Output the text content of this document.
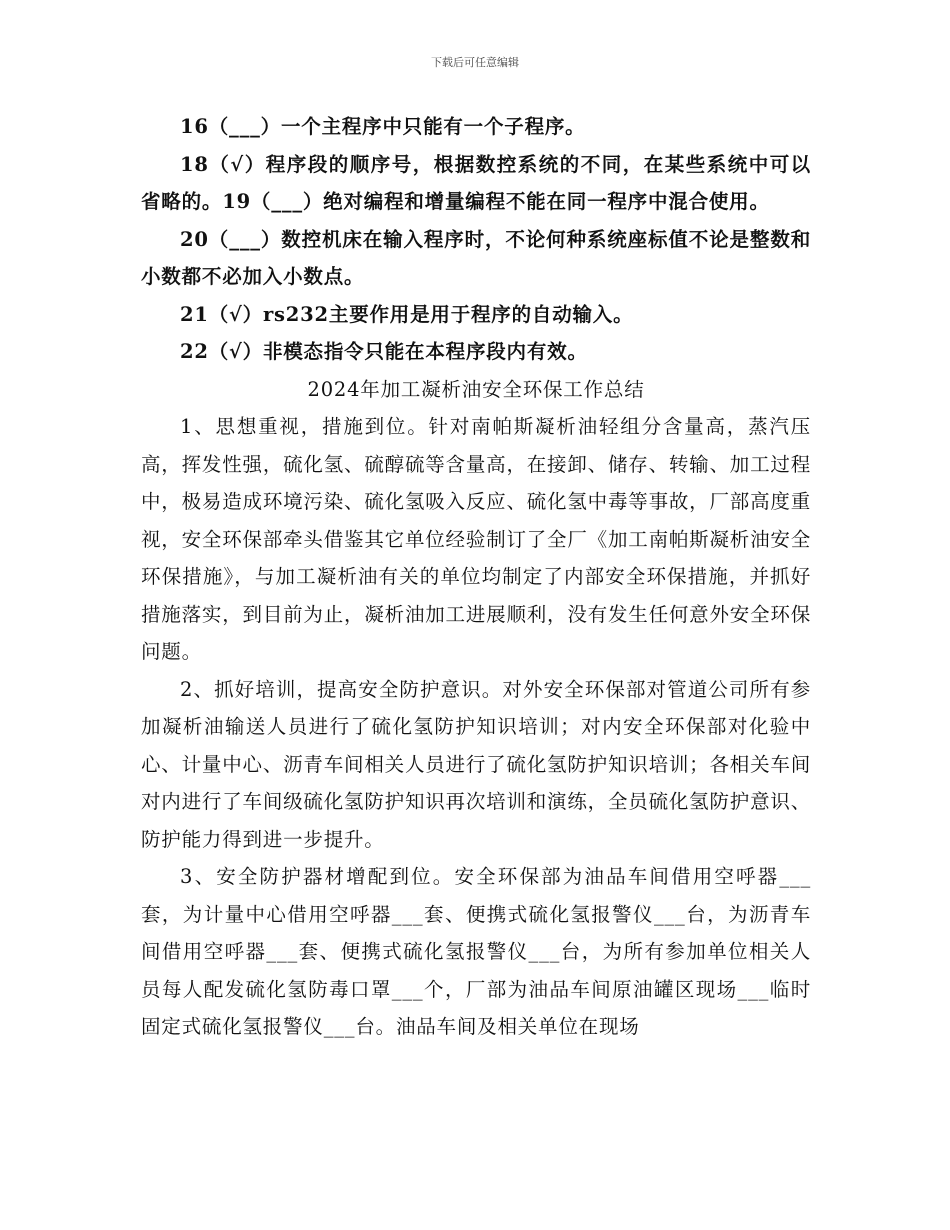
下载后可任意编辑

16（___）一个主程序中只能有一个子程序。

18（√）程序段的顺序号，根据数控系统的不同，在某些系统中可以省略的。19（___）绝对编程和增量编程不能在同一程序中混合使用。

20（___）数控机床在输入程序时，不论何种系统座标值不论是整数和小数都不必加入小数点。

21（√）rs232主要作用是用于程序的自动输入。

22（√）非模态指令只能在本程序段内有效。

2024年加工凝析油安全环保工作总结

1、思想重视，措施到位。针对南帕斯凝析油轻组分含量高，蒸汽压高，挥发性强，硫化氢、硫醇硫等含量高，在接卸、储存、转输、加工过程中，极易造成环境污染、硫化氢吸入反应、硫化氢中毒等事故，厂部高度重视，安全环保部牵头借鉴其它单位经验制订了全厂《加工南帕斯凝析油安全环保措施》，与加工凝析油有关的单位均制定了内部安全环保措施，并抓好措施落实，到目前为止，凝析油加工进展顺利，没有发生任何意外安全环保问题。

2、抓好培训，提高安全防护意识。对外安全环保部对管道公司所有参加凝析油输送人员进行了硫化氢防护知识培训；对内安全环保部对化验中心、计量中心、沥青车间相关人员进行了硫化氢防护知识培训；各相关车间对内进行了车间级硫化氢防护知识再次培训和演练，全员硫化氢防护意识、防护能力得到进一步提升。

3、安全防护器材增配到位。安全环保部为油品车间借用空呼器___套，为计量中心借用空呼器___套、便携式硫化氢报警仪___台，为沥青车间借用空呼器___套、便携式硫化氢报警仪___台，为所有参加单位相关人员每人配发硫化氢防毒口罩___个，厂部为油品车间原油罐区现场___临时固定式硫化氢报警仪___台。油品车间及相关单位在现场
